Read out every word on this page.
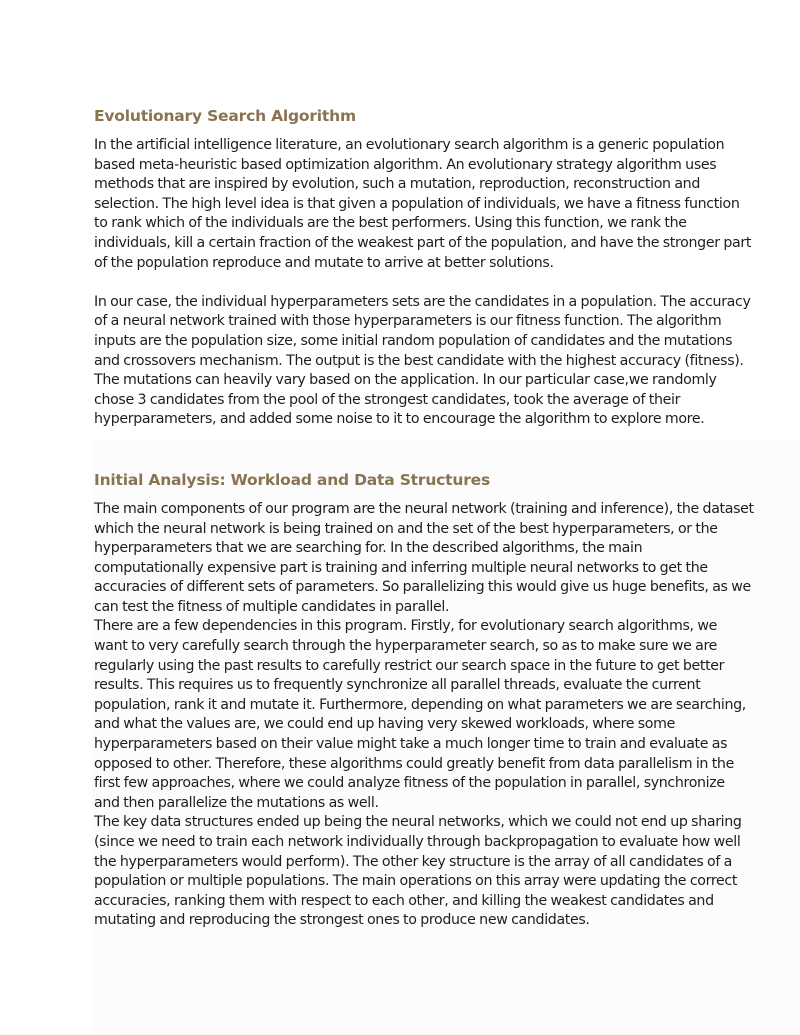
Evolutionary Search Algorithm

In the artificial intelligence literature, an evolutionary search algorithm is a generic population based meta-heuristic based optimization algorithm. An evolutionary strategy algorithm uses methods that are inspired by evolution, such a mutation, reproduction, reconstruction and selection. The high level idea is that given a population of individuals, we have a fitness function to rank which of the individuals are the best performers. Using this function, we rank the individuals, kill a certain fraction of the weakest part of the population, and have the stronger part of the population reproduce and mutate to arrive at better solutions.

In our case, the individual hyperparameters sets are the candidates in a population. The accuracy of a neural network trained with those hyperparameters is our fitness function. The algorithm inputs are the population size, some initial random population of candidates and the mutations and crossovers mechanism. The output is the best candidate with the highest accuracy (fitness). The mutations can heavily vary based on the application. In our particular case,we randomly chose 3 candidates from the pool of the strongest candidates, took the average of their hyperparameters, and added some noise to it to encourage the algorithm to explore more.

Initial Analysis: Workload and Data Structures

The main components of our program are the neural network (training and inference), the dataset which the neural network is being trained on and the set of the best hyperparameters, or the hyperparameters that we are searching for. In the described algorithms, the main computationally expensive part is training and inferring multiple neural networks to get the accuracies of different sets of parameters. So parallelizing this would give us huge benefits, as we can test the fitness of multiple candidates in parallel.

There are a few dependencies in this program. Firstly, for evolutionary search algorithms, we want to very carefully search through the hyperparameter search, so as to make sure we are regularly using the past results to carefully restrict our search space in the future to get better results. This requires us to frequently synchronize all parallel threads, evaluate the current population, rank it and mutate it. Furthermore, depending on what parameters we are searching, and what the values are, we could end up having very skewed workloads, where some hyperparameters based on their value might take a much longer time to train and evaluate as opposed to other. Therefore, these algorithms could greatly benefit from data parallelism in the first few approaches, where we could analyze fitness of the population in parallel, synchronize and then parallelize the mutations as well.

The key data structures ended up being the neural networks, which we could not end up sharing (since we need to train each network individually through backpropagation to evaluate how well the hyperparameters would perform). The other key structure is the array of all candidates of a population or multiple populations. The main operations on this array were updating the correct accuracies, ranking them with respect to each other, and killing the weakest candidates and mutating and reproducing the strongest ones to produce new candidates.
